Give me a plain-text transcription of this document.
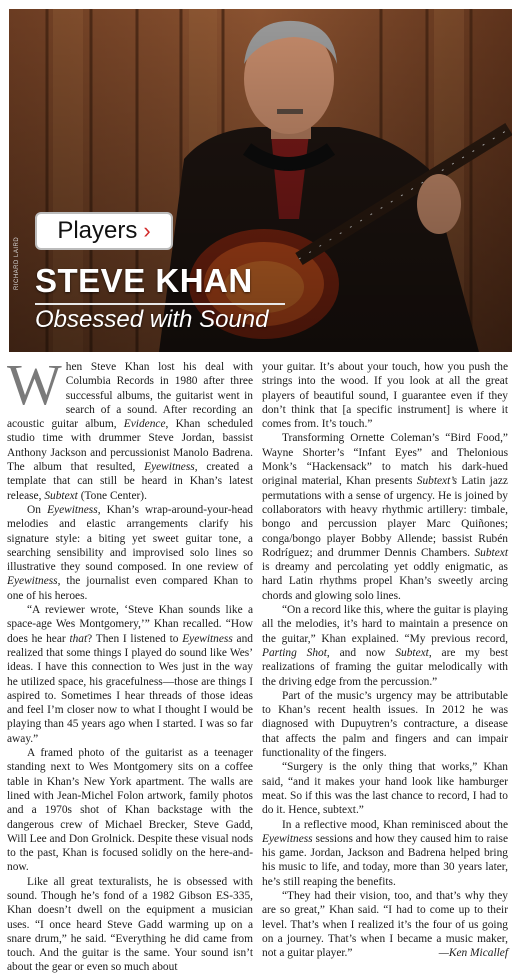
Players ›
STEVE KHAN
Obsessed with Sound
RICHARD LAIRD

When Steve Khan lost his deal with Columbia Records in 1980 after three successful albums, the guitarist went in search of a sound. After recording an acoustic guitar album, Evidence, Khan scheduled studio time with drummer Steve Jordan, bassist Anthony Jackson and percussionist Manolo Badrena. The album that resulted, Eyewitness, created a template that can still be heard in Khan’s latest release, Subtext (Tone Center).

On Eyewitness, Khan’s wrap-around-your-head melodies and elastic arrangements clarify his signature style: a biting yet sweet guitar tone, a searching sensibility and improvised solo lines so illustrative they sound composed. In one review of Eyewitness, the journalist even compared Khan to one of his heroes.

“A reviewer wrote, ‘Steve Khan sounds like a space-age Wes Montgomery,’” Khan recalled. “How does he hear that? Then I listened to Eyewitness and realized that some things I played do sound like Wes’ ideas. I have this connection to Wes just in the way he utilized space, his gracefulness—those are things I aspired to. Sometimes I hear threads of those ideas and feel I’m closer now to what I thought I would be playing than 45 years ago when I started. I was so far away.”

A framed photo of the guitarist as a teenager standing next to Wes Montgomery sits on a coffee table in Khan’s New York apartment. The walls are lined with Jean-Michel Folon artwork, family photos and a 1970s shot of Khan backstage with the dangerous crew of Michael Brecker, Steve Gadd, Will Lee and Don Grolnick. Despite these visual nods to the past, Khan is focused solidly on the here-and-now.

Like all great texturalists, he is obsessed with sound. Though he’s fond of a 1982 Gibson ES-335, Khan doesn’t dwell on the equipment a musician uses. “I once heard Steve Gadd warming up on a snare drum,” he said. “Everything he did came from touch. And the guitar is the same. Your sound isn’t about the gear or even so much about

your guitar. It’s about your touch, how you push the strings into the wood. If you look at all the great players of beautiful sound, I guarantee even if they don’t think that [a specific instrument] is where it comes from. It’s touch.”

Transforming Ornette Coleman’s “Bird Food,” Wayne Shorter’s “Infant Eyes” and Thelonious Monk’s “Hackensack” to match his dark-hued original material, Khan presents Subtext’s Latin jazz permutations with a sense of urgency. He is joined by collaborators with heavy rhythmic artillery: timbale, bongo and percussion player Marc Quiñones; conga/bongo player Bobby Allende; bassist Rubén Rodríguez; and drummer Dennis Chambers. Subtext is dreamy and percolating yet oddly enigmatic, as hard Latin rhythms propel Khan’s sweetly arcing chords and glowing solo lines.

“On a record like this, where the guitar is playing all the melodies, it’s hard to maintain a presence on the guitar,” Khan explained. “My previous record, Parting Shot, and now Subtext, are my best realizations of framing the guitar melodically with the driving edge from the percussion.”

Part of the music’s urgency may be attributable to Khan’s recent health issues. In 2012 he was diagnosed with Dupuytren’s contracture, a disease that affects the palm and fingers and can impair functionality of the fingers.

“Surgery is the only thing that works,” Khan said, “and it makes your hand look like hamburger meat. So if this was the last chance to record, I had to do it. Hence, subtext.”

In a reflective mood, Khan reminisced about the Eyewitness sessions and how they caused him to raise his game. Jordan, Jackson and Badrena helped bring his music to life, and today, more than 30 years later, he’s still reaping the benefits.

“They had their vision, too, and that’s why they are so great,” Khan said. “I had to come up to their level. That’s when I realized it’s the four of us going on a journey. That’s when I became a music maker, not a guitar player.”	—Ken Micallef
